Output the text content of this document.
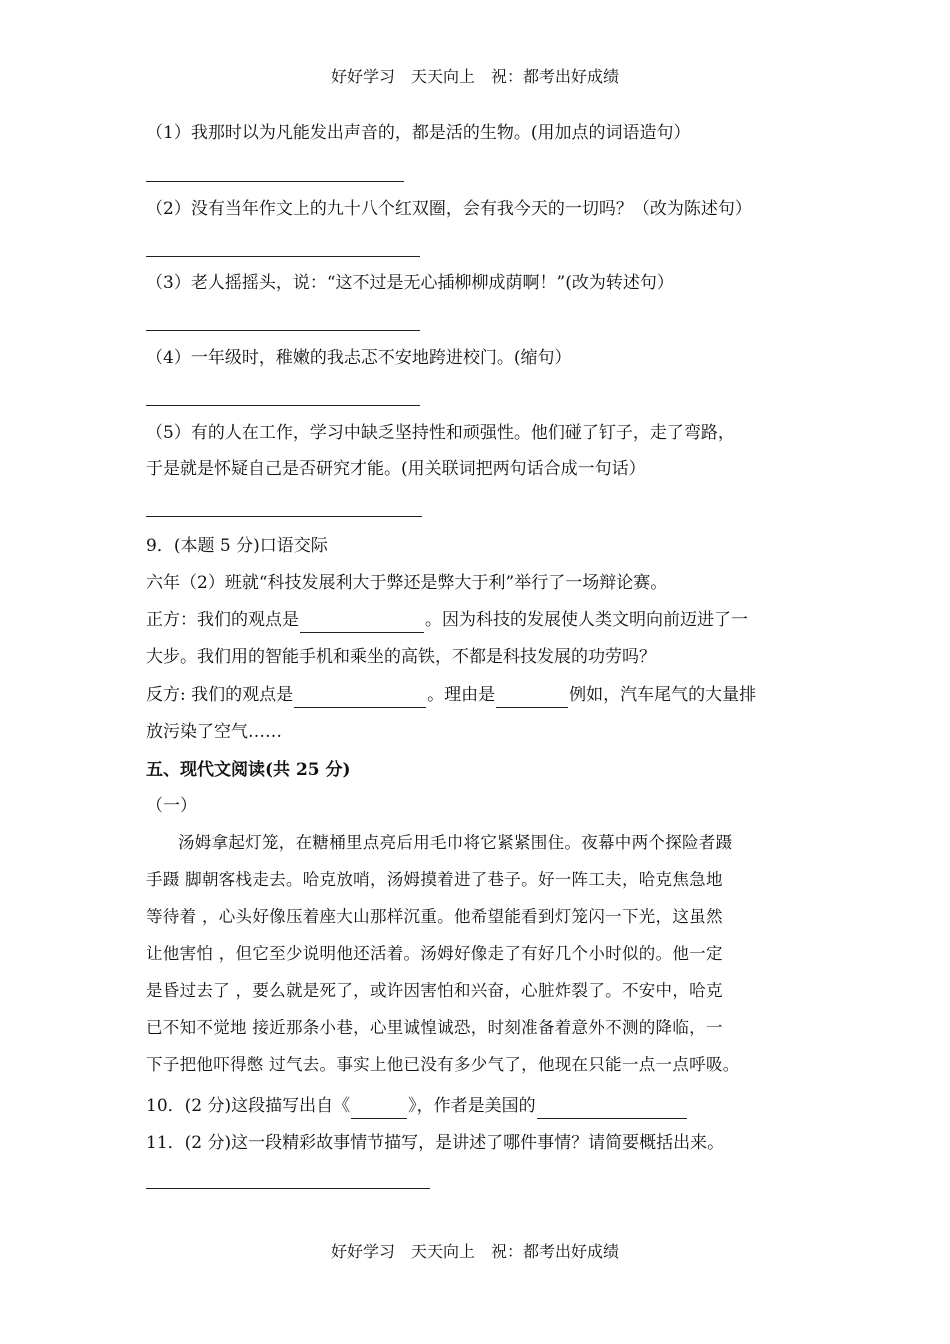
好好学习　天天向上　祝：都考出好成绩
（1）我那时以为凡能发出声音的，都是活的生物。(用加点的词语造句）
（2）没有当年作文上的九十八个红双圈，会有我今天的一切吗？（改为陈述句）
（3）老人摇摇头，说：“这不过是无心插柳柳成荫啊！”(改为转述句）
（4）一年级时，稚嫩的我忐忑不安地跨进校门。(缩句）
（5）有的人在工作，学习中缺乏坚持性和顽强性。他们碰了钉子，走了弯路，
于是就是怀疑自己是否研究才能。(用关联词把两句话合成一句话）
9．(本题 5 分)口语交际
六年（2）班就“科技发展利大于弊还是弊大于利”举行了一场辩论赛。
正方：我们的观点是	。因为科技的发展使人类文明向前迈进了一
大步。我们用的智能手机和乘坐的高铁，不都是科技发展的功劳吗？
反方: 我们的观点是	。理由是	例如，汽车尾气的大量排
放污染了空气……
五、现代文阅读(共 25 分)
（一）
汤姆拿起灯笼，在糖桶里点亮后用毛巾将它紧紧围住。夜幕中两个探险者蹑
手蹑 脚朝客栈走去。哈克放哨，汤姆摸着进了巷子。好一阵工夫，哈克焦急地
等待着 ，心头好像压着座大山那样沉重。他希望能看到灯笼闪一下光，这虽然
让他害怕 ，但它至少说明他还活着。汤姆好像走了有好几个小时似的。他一定
是昏过去了 ，要么就是死了，或许因害怕和兴奋，心脏炸裂了。不安中，哈克
已不知不觉地 接近那条小巷，心里诚惶诚恐，时刻准备着意外不测的降临，一
下子把他吓得憋 过气去。事实上他已没有多少气了，他现在只能一点一点呼吸。
10．(2 分)这段描写出自《	》，作者是美国的
11．(2 分)这一段精彩故事情节描写，是讲述了哪件事情？请简要概括出来。
好好学习　天天向上　祝：都考出好成绩
